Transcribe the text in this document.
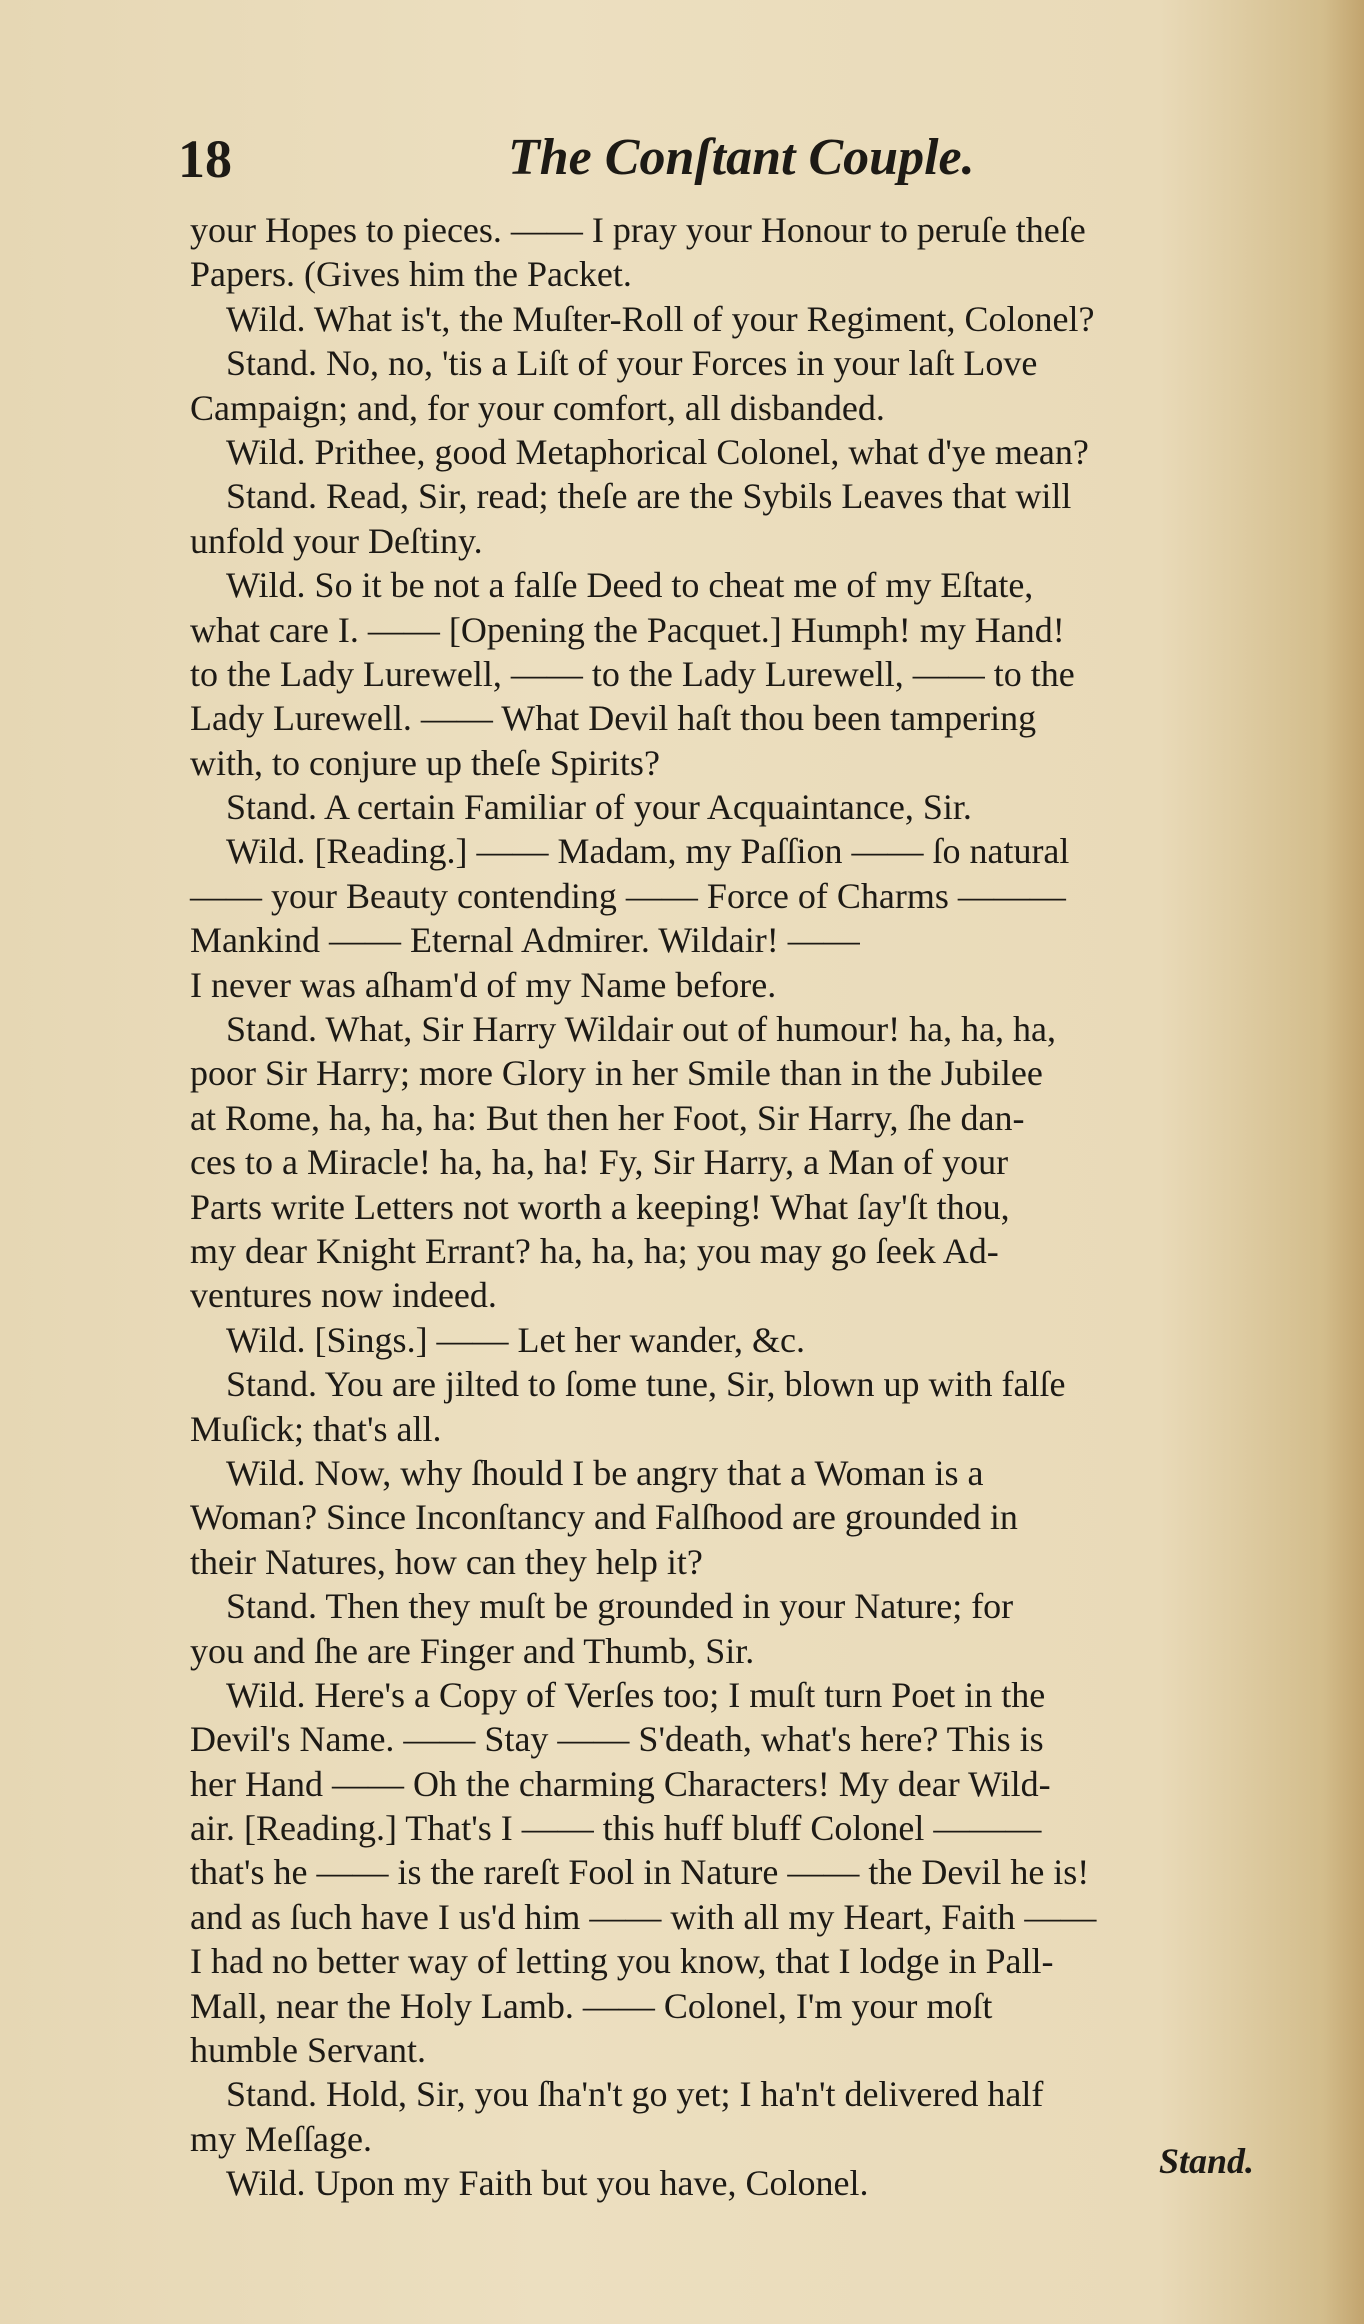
18	The Conſtant Couple.
your Hopes to pieces. —— I pray your Honour to peruſe theſe
Papers. (Gives him the Packet.
Wild. What is't, the Muſter-Roll of your Regiment, Colonel?
Stand. No, no, 'tis a Liſt of your Forces in your laſt Love
Campaign; and, for your comfort, all disbanded.
Wild. Prithee, good Metaphorical Colonel, what d'ye mean?
Stand. Read, Sir, read; theſe are the Sybils Leaves that will
unfold your Deſtiny.
Wild. So it be not a falſe Deed to cheat me of my Eſtate,
what care I. —— [Opening the Pacquet.] Humph! my Hand!
to the Lady Lurewell, —— to the Lady Lurewell, —— to the
Lady Lurewell. —— What Devil haſt thou been tampering
with, to conjure up theſe Spirits?
Stand. A certain Familiar of your Acquaintance, Sir.
Wild. [Reading.] —— Madam, my Paſſion —— ſo natural
—— your Beauty contending —— Force of Charms ———
Mankind —— Eternal Admirer. Wildair! ——
I never was aſham'd of my Name before.
Stand. What, Sir Harry Wildair out of humour! ha, ha, ha,
poor Sir Harry; more Glory in her Smile than in the Jubilee
at Rome, ha, ha, ha: But then her Foot, Sir Harry, ſhe dan-
ces to a Miracle! ha, ha, ha! Fy, Sir Harry, a Man of your
Parts write Letters not worth a keeping! What ſay'ſt thou,
my dear Knight Errant? ha, ha, ha; you may go ſeek Ad-
ventures now indeed.
Wild. [Sings.] —— Let her wander, &c.
Stand. You are jilted to ſome tune, Sir, blown up with falſe
Muſick; that's all.
Wild. Now, why ſhould I be angry that a Woman is a
Woman? Since Inconſtancy and Falſhood are grounded in
their Natures, how can they help it?
Stand. Then they muſt be grounded in your Nature; for
you and ſhe are Finger and Thumb, Sir.
Wild. Here's a Copy of Verſes too; I muſt turn Poet in the
Devil's Name. —— Stay —— S'death, what's here? This is
her Hand —— Oh the charming Characters! My dear Wild-
air. [Reading.] That's I —— this huff bluff Colonel ———
that's he —— is the rareſt Fool in Nature —— the Devil he is!
and as ſuch have I us'd him —— with all my Heart, Faith ——
I had no better way of letting you know, that I lodge in Pall-
Mall, near the Holy Lamb. —— Colonel, I'm your moſt
humble Servant.
Stand. Hold, Sir, you ſha'n't go yet; I ha'n't delivered half
my Meſſage.
Wild. Upon my Faith but you have, Colonel.
Stand.
